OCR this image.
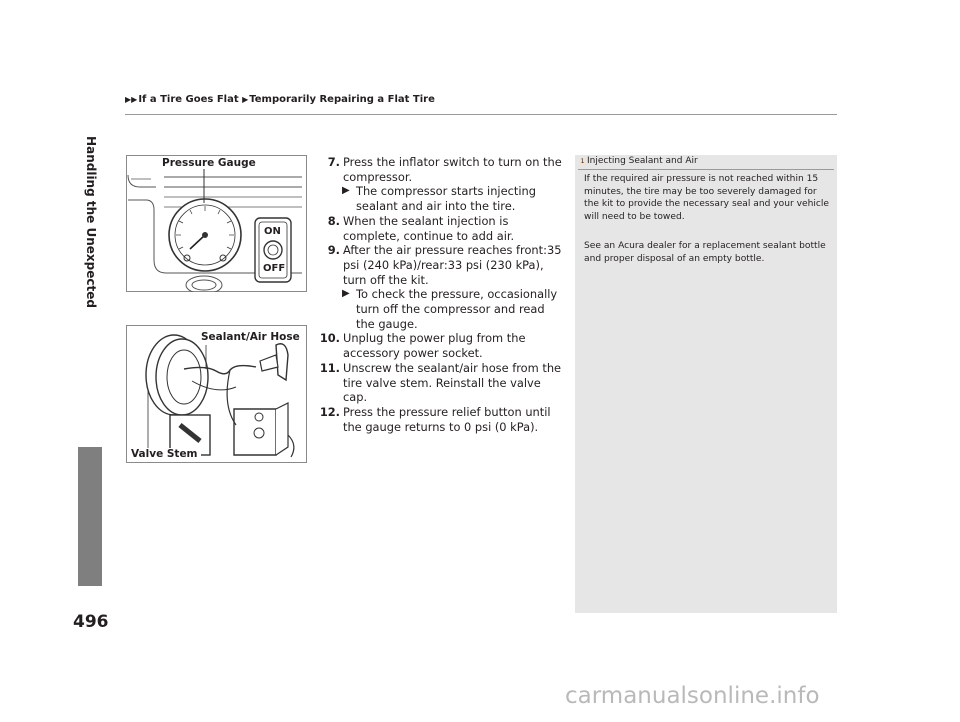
▶▶If a Tire Goes Flat ▶Temporarily Repairing a Flat Tire
Handling the Unexpected
496
Pressure Gauge
ON
OFF
Sealant/Air Hose
Valve Stem
7. Press the inflator switch to turn on the compressor.
▶ The compressor starts injecting sealant and air into the tire.
8. When the sealant injection is complete, continue to add air.
9. After the air pressure reaches front:35 psi (240 kPa)/rear:33 psi (230 kPa), turn off the kit.
▶ To check the pressure, occasionally turn off the compressor and read the gauge.
10. Unplug the power plug from the accessory power socket.
11. Unscrew the sealant/air hose from the tire valve stem. Reinstall the valve cap.
12. Press the pressure relief button until the gauge returns to 0 psi (0 kPa).
1 Injecting Sealant and Air
If the required air pressure is not reached within 15 minutes, the tire may be too severely damaged for the kit to provide the necessary seal and your vehicle will need to be towed.
See an Acura dealer for a replacement sealant bottle and proper disposal of an empty bottle.
carmanualsonline.info
